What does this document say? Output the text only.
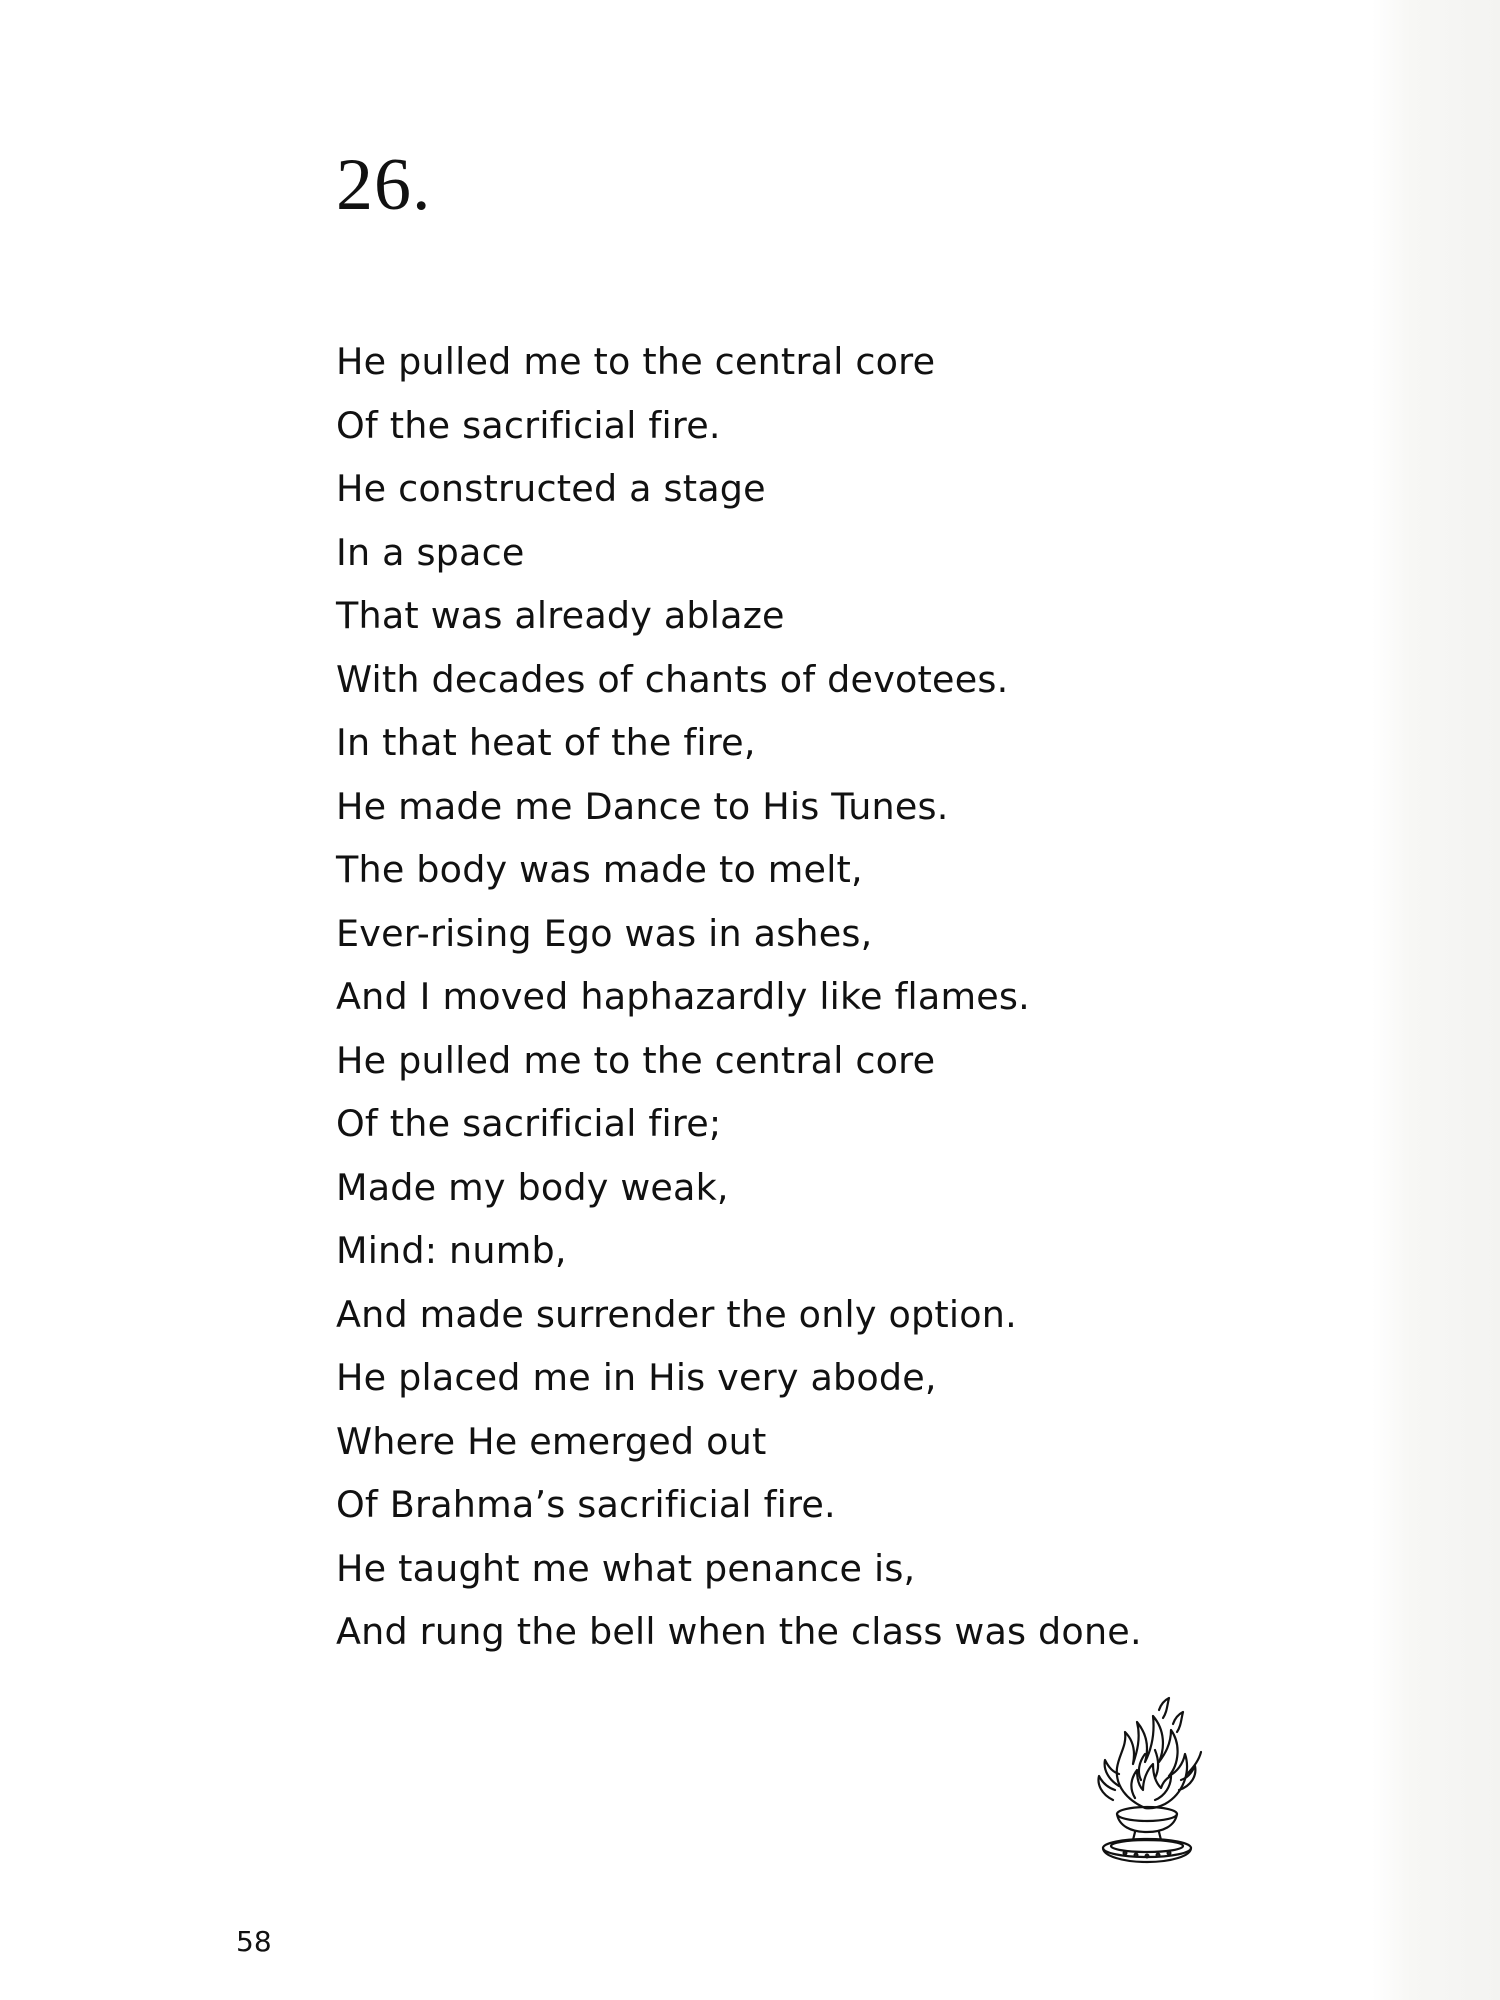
26.
He pulled me to the central core
Of the sacrificial fire.
He constructed a stage
In a space
That was already ablaze
With decades of chants of devotees.
In that heat of the fire,
He made me Dance to His Tunes.
The body was made to melt,
Ever-rising Ego was in ashes,
And I moved haphazardly like flames.
He pulled me to the central core
Of the sacrificial fire;
Made my body weak,
Mind: numb,
And made surrender the only option.
He placed me in His very abode,
Where He emerged out
Of Brahma’s sacrificial fire.
He taught me what penance is,
And rung the bell when the class was done.
58
